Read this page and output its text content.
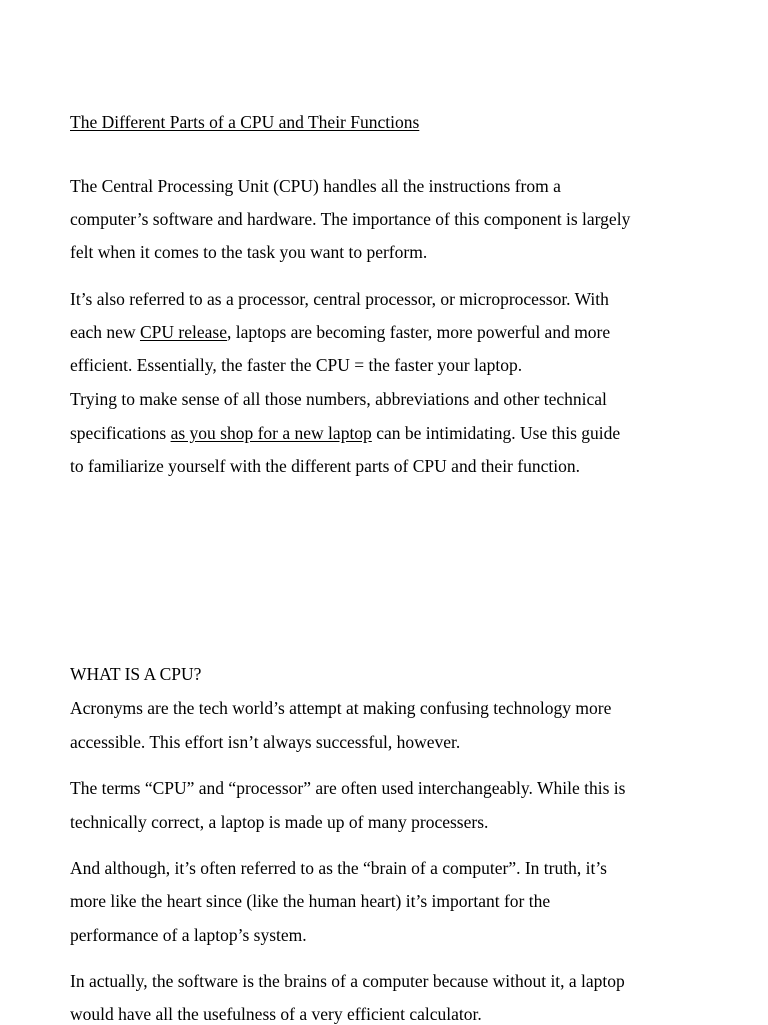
The Different Parts of a CPU and Their Functions

The Central Processing Unit (CPU) handles all the instructions from a

computer’s software and hardware. The importance of this component is largely

felt when it comes to the task you want to perform.

It’s also referred to as a processor, central processor, or microprocessor. With

each new CPU release, laptops are becoming faster, more powerful and more

efficient. Essentially, the faster the CPU = the faster your laptop.

Trying to make sense of all those numbers, abbreviations and other technical

specifications as you shop for a new laptop can be intimidating. Use this guide

to familiarize yourself with the different parts of CPU and their function.

WHAT IS A CPU?

Acronyms are the tech world’s attempt at making confusing technology more

accessible. This effort isn’t always successful, however.

The terms “CPU” and “processor” are often used interchangeably. While this is

technically correct, a laptop is made up of many processers.

And although, it’s often referred to as the “brain of a computer”. In truth, it’s

more like the heart since (like the human heart) it’s important for the

performance of a laptop’s system.

In actually, the software is the brains of a computer because without it, a laptop

would have all the usefulness of a very efficient calculator.
